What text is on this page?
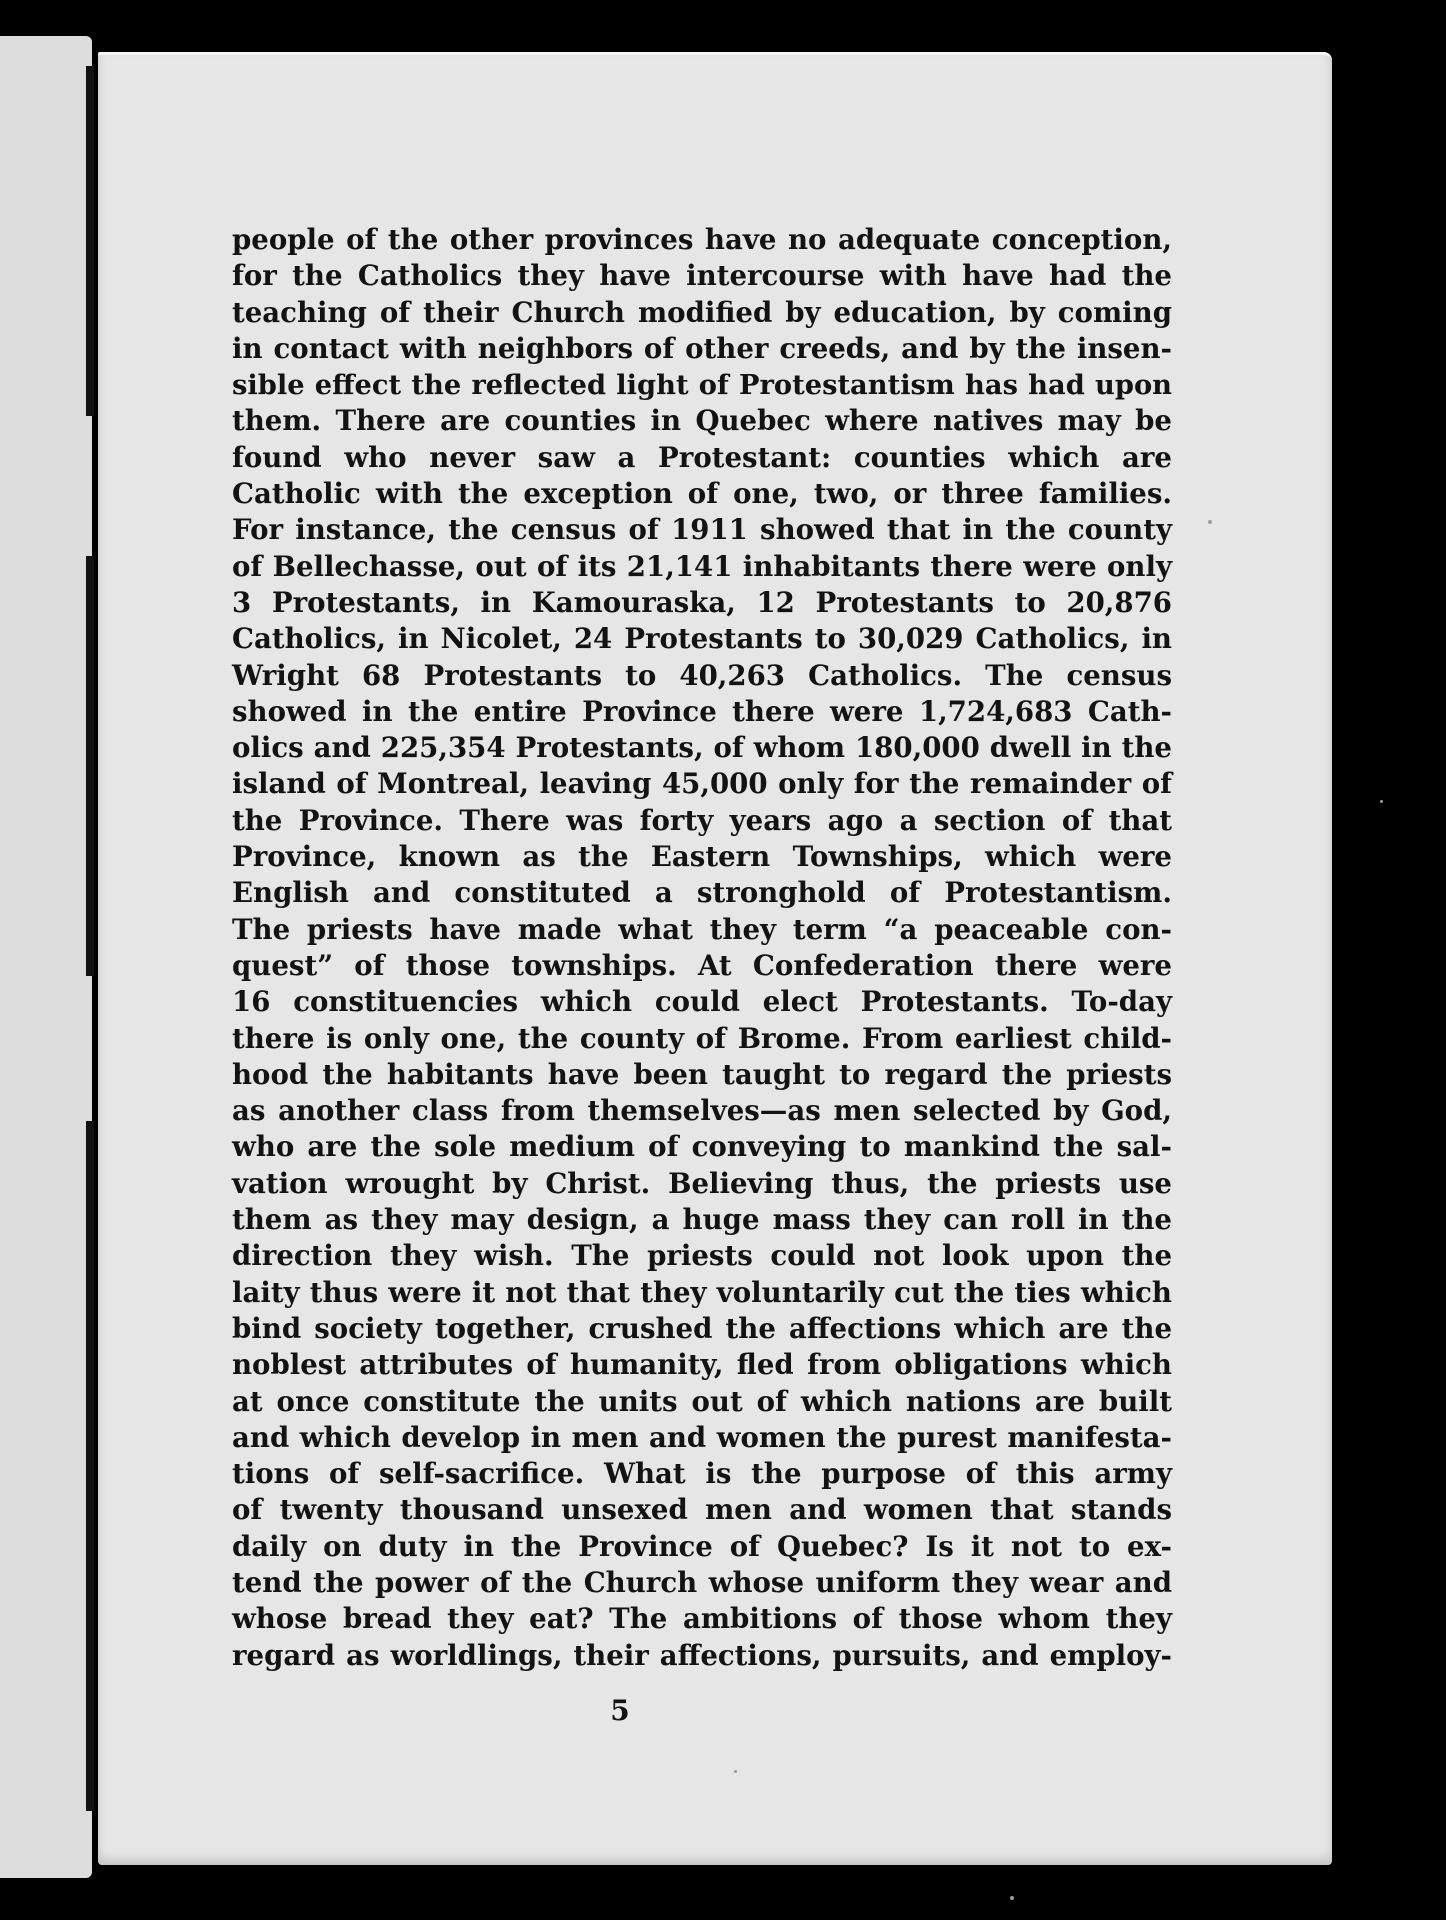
people of the other provinces have no adequate conception,
for the Catholics they have intercourse with have had the
teaching of their Church modified by education, by coming
in contact with neighbors of other creeds, and by the insen-
sible effect the reflected light of Protestantism has had upon
them. There are counties in Quebec where natives may be
found who never saw a Protestant: counties which are
Catholic with the exception of one, two, or three families.
For instance, the census of 1911 showed that in the county
of Bellechasse, out of its 21,141 inhabitants there were only
3 Protestants, in Kamouraska, 12 Protestants to 20,876
Catholics, in Nicolet, 24 Protestants to 30,029 Catholics, in
Wright 68 Protestants to 40,263 Catholics. The census
showed in the entire Province there were 1,724,683 Cath-
olics and 225,354 Protestants, of whom 180,000 dwell in the
island of Montreal, leaving 45,000 only for the remainder of
the Province. There was forty years ago a section of that
Province, known as the Eastern Townships, which were
English and constituted a stronghold of Protestantism.
The priests have made what they term “a peaceable con-
quest” of those townships. At Confederation there were
16 constituencies which could elect Protestants. To-day
there is only one, the county of Brome. From earliest child-
hood the habitants have been taught to regard the priests
as another class from themselves—as men selected by God,
who are the sole medium of conveying to mankind the sal-
vation wrought by Christ. Believing thus, the priests use
them as they may design, a huge mass they can roll in the
direction they wish. The priests could not look upon the
laity thus were it not that they voluntarily cut the ties which
bind society together, crushed the affections which are the
noblest attributes of humanity, fled from obligations which
at once constitute the units out of which nations are built
and which develop in men and women the purest manifesta-
tions of self-sacrifice. What is the purpose of this army
of twenty thousand unsexed men and women that stands
daily on duty in the Province of Quebec? Is it not to ex-
tend the power of the Church whose uniform they wear and
whose bread they eat? The ambitions of those whom they
regard as worldlings, their affections, pursuits, and employ-
5
